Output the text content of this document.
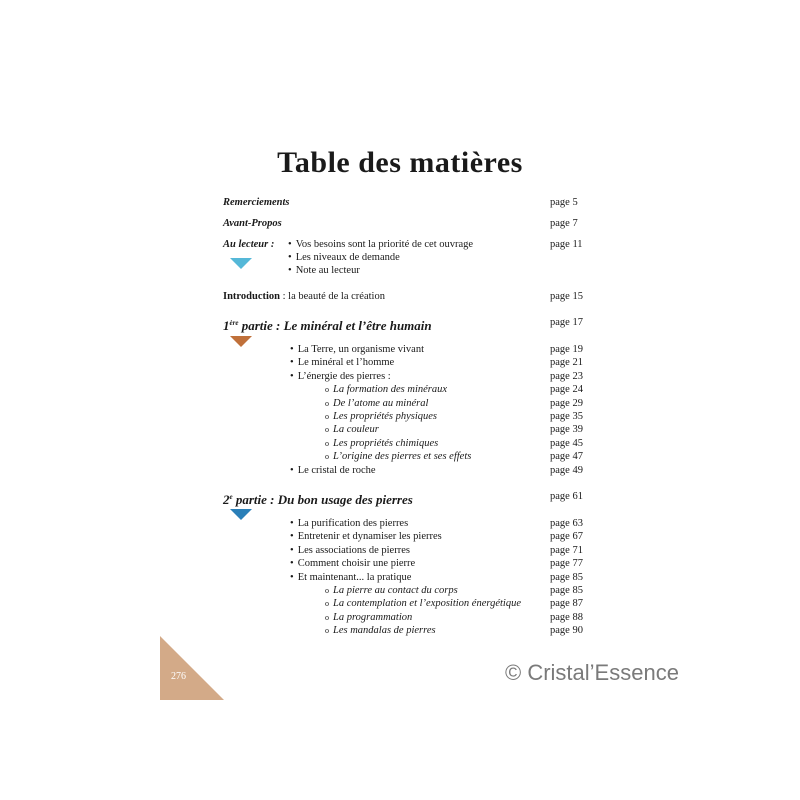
Table des matières
Remerciements	page 5
Avant-Propos	page 7
Au lecteur :
•	Vos besoins sont la priorité de cet ouvrage	page 11
• Les niveaux de demande
• Note au lecteur
Introduction : la beauté de la création	page 15
1ère partie : Le minéral et l’être humain	page 17
• La Terre, un organisme vivant	page 19
• Le minéral et l’homme	page 21
• L’énergie des pierres :	page 23
o La formation des minéraux	page 24
o De l’atome au minéral	page 29
o Les propriétés physiques	page 35
o La couleur	page 39
o Les propriétés chimiques	page 45
o L’origine des pierres et ses effets	page 47
• Le cristal de roche	page 49
2e partie : Du bon usage des pierres	page 61
• La purification des pierres	page 63
• Entretenir et dynamiser les pierres	page 67
• Les associations de pierres	page 71
• Comment choisir une pierre	page 77
• Et maintenant... la pratique	page 85
o La pierre au contact du corps	page 85
o La contemplation et l’exposition énergétique	page 87
o La programmation	page 88
o Les mandalas de pierres	page 90
276	© Cristal’Essence
